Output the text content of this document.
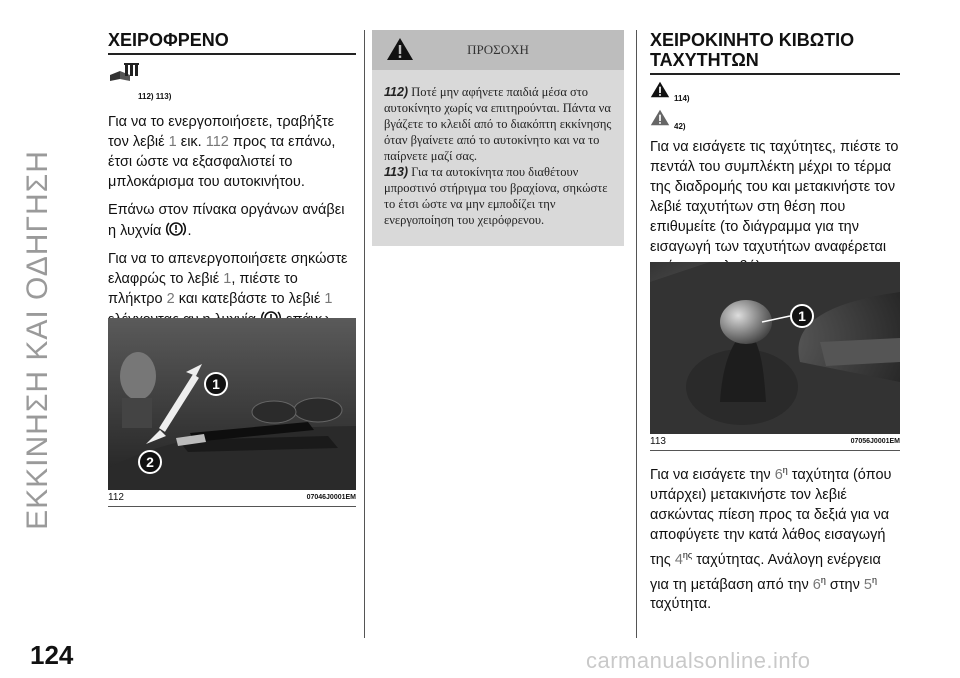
ΕΚΚΙΝΗΣΗ ΚΑΙ ΟΔΗΓΗΣΗ
124	carmanualsonline.info
ΧΕΙΡΟΦΡΕΝΟ
112) 113)

Για να το ενεργοποιήσετε, τραβήξτε τον λεβιέ 1 εικ. 112 προς τα επάνω, έτσι ώστε να εξασφαλιστεί το μπλοκάρισμα του αυτοκινήτου.

Επάνω στον πίνακα οργάνων ανάβει η λυχνία .

Για να το απενεργοποιήσετε σηκώστε ελαφρώς το λεβιέ 1, πιέστε το πλήκτρο 2 και κατεβάστε το λεβιέ 1

1
2
112	07046J0001EM
ΠΡΟΣΟΧΗ
112) Ποτέ μην αφήνετε παιδιά μέσα στο αυτοκίνητο χωρίς να επιτηρούνται. Πάντα να βγάζετε το κλειδί από το διακόπτη εκκίνησης όταν βγαίνετε από το αυτοκίνητο και να το παίρνετε μαζί σας.
113) Για τα αυτοκίνητα που διαθέτουν μπροστινό στήριγμα του βραχίονα, σηκώστε το έτσι ώστε να μην εμποδίζει την ενεργοποίηση του χειρόφρενου.
ΧΕΙΡΟΚΙΝΗΤΟ ΚΙΒΩΤΙΟ
ΤΑΧΥΤΗΤΩΝ
114)
42)

Για να εισάγετε τις ταχύτητες, πιέστε το πεντάλ του συμπλέκτη μέχρι το τέρμα της διαδρομής του και μετακινήστε τον λεβιέ ταχυτήτων στη θέση που επιθυμείτε (το διάγραμμα για την εισαγωγή των ταχυτήτων αναφέρεται

1
113	07056J0001EM

Για να εισάγετε την $6^\eta$ ταχύτητα (όπου υπάρχει) μετακινήστε τον λεβιέ ασκώντας πίεση προς τα δεξιά για να αποφύγετε την κατά λάθος εισαγωγή της $4^{\eta\varsigma}$ ταχύτητας. Ανάλογη ενέργεια για τη μετάβαση από την $6^\eta$ στην $5^\eta$
ταχύτητα.
